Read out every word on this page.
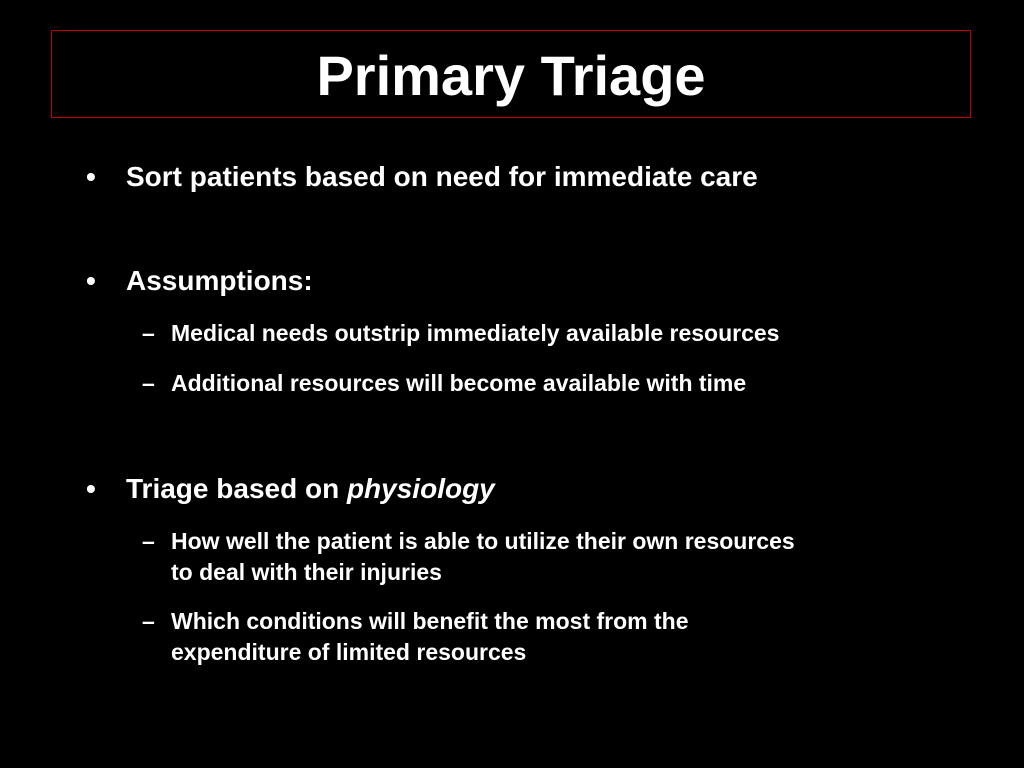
Primary Triage
• Sort patients based on need for immediate care
• Assumptions:
– Medical needs outstrip immediately available resources
– Additional resources will become available with time
• Triage based on physiology
– How well the patient is able to utilize their own resources
to deal with their injuries
– Which conditions will benefit the most from the
expenditure of limited resources
